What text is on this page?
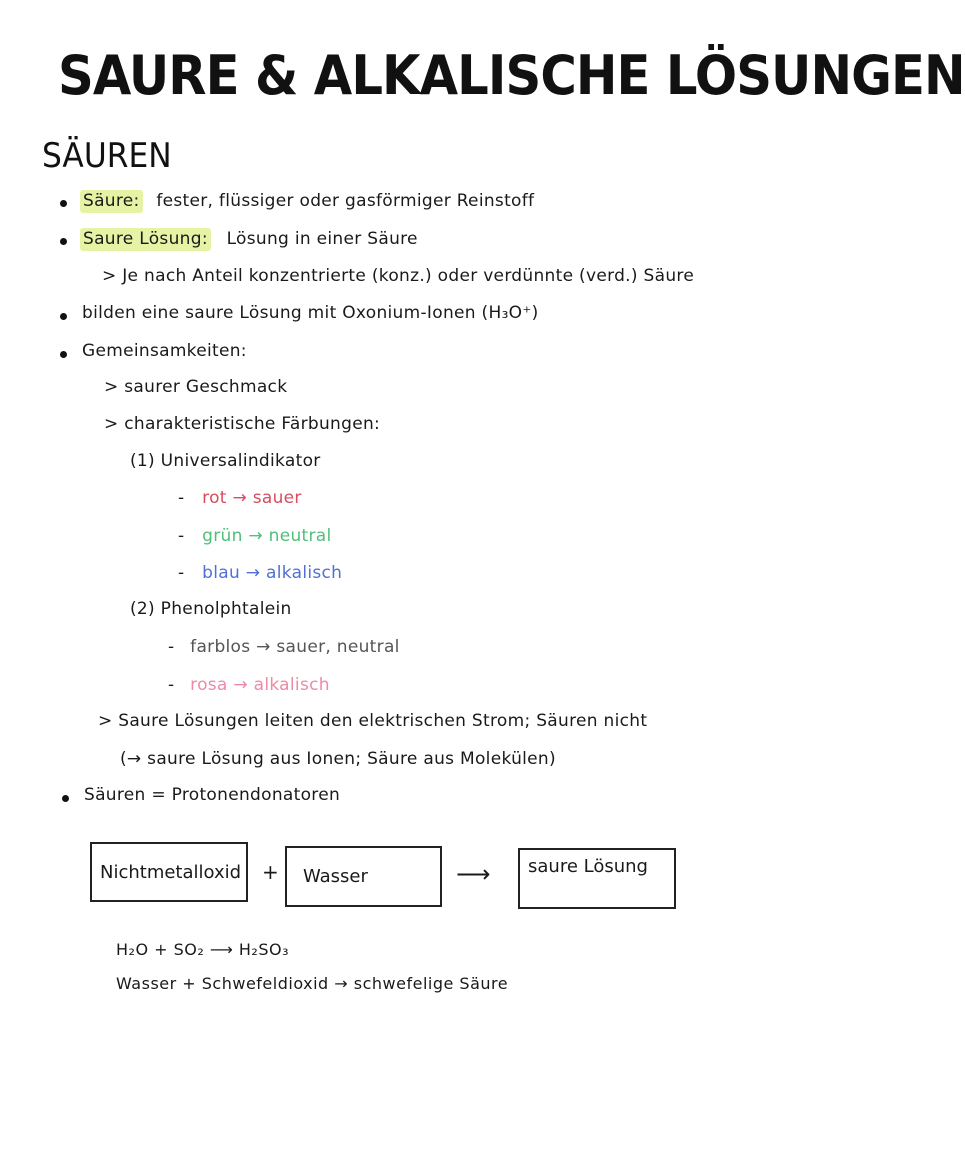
SAURE & ALKALISCHE LÖSUNGEN
SÄUREN
Säure: fester, flüssiger oder gasförmiger Reinstoff
Saure Lösung: Lösung in einer Säure
> Je nach Anteil konzentrierte (konz.) oder verdünnte (verd.) Säure
bilden eine saure Lösung mit Oxonium-Ionen (H₃O⁺)
Gemeinsamkeiten:
> saurer Geschmack
> charakteristische Färbungen:
(1) Universalindikator
- rot → sauer
- grün → neutral
- blau → alkalisch
(2) Phenolphtalein
- farblos → sauer, neutral
- rosa → alkalisch
> Saure Lösungen leiten den elektrischen Strom; Säuren nicht
(→ saure Lösung aus Ionen; Säure aus Molekülen)
Säuren = Protonendonatoren
Nichtmetalloxid + Wasser	⟶ saure Lösung
H₂O + SO₂ ⟶ H₂SO₃
Wasser + Schwefeldioxid → schwefelige Säure
